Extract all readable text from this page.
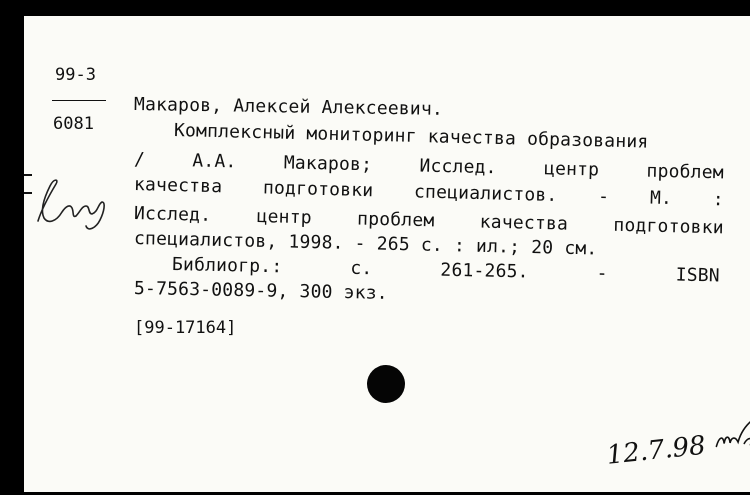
99-3
6081
Макаров, Алексей Алексеевич.
Комплексный мониторинг качества образования
/	А.А.	Макаров;	Исслед.	центр	проблем
качества подготовки специалистов. - М. :
Исслед. центр проблем качества подготовки
специалистов, 1998. - 265 с. : ил.; 20 см.
Библиогр.:	с.	261-265.	-	ISBN
5-7563-0089-9, 300 экз.
[99-17164]
12.7.98
